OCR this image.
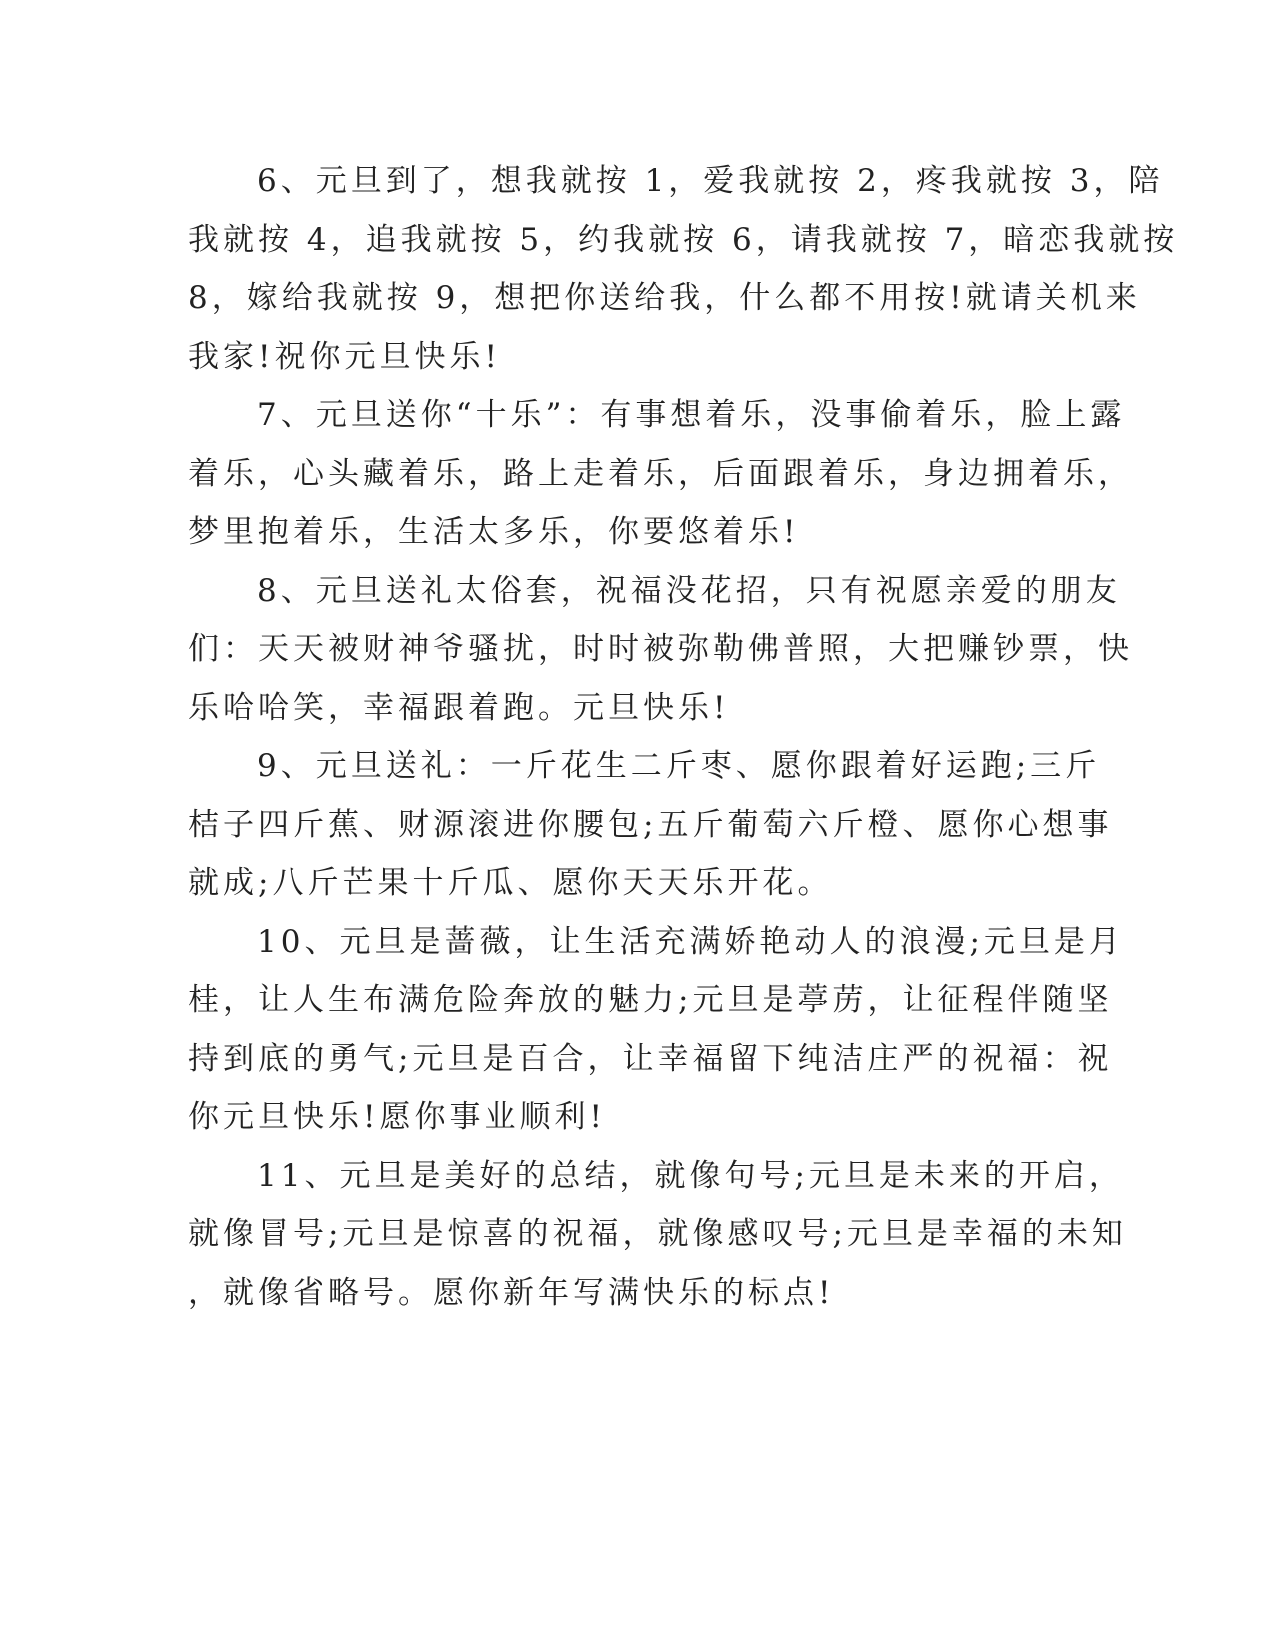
6、元旦到了，想我就按 1，爱我就按 2，疼我就按 3，陪
我就按 4，追我就按 5，约我就按 6，请我就按 7，暗恋我就按
8，嫁给我就按 9，想把你送给我，什么都不用按!就请关机来
我家!祝你元旦快乐!
7、元旦送你“十乐”：有事想着乐，没事偷着乐，脸上露
着乐，心头藏着乐，路上走着乐，后面跟着乐，身边拥着乐，
梦里抱着乐，生活太多乐，你要悠着乐!
8、元旦送礼太俗套，祝福没花招，只有祝愿亲爱的朋友
们：天天被财神爷骚扰，时时被弥勒佛普照，大把赚钞票，快
乐哈哈笑，幸福跟着跑。元旦快乐!
9、元旦送礼：一斤花生二斤枣、愿你跟着好运跑;三斤
桔子四斤蕉、财源滚进你腰包;五斤葡萄六斤橙、愿你心想事
就成;八斤芒果十斤瓜、愿你天天乐开花。
10、元旦是蔷薇，让生活充满娇艳动人的浪漫;元旦是月
桂，让人生布满危险奔放的魅力;元旦是葶苈，让征程伴随坚
持到底的勇气;元旦是百合，让幸福留下纯洁庄严的祝福：祝
你元旦快乐!愿你事业顺利!
11、元旦是美好的总结，就像句号;元旦是未来的开启，
就像冒号;元旦是惊喜的祝福，就像感叹号;元旦是幸福的未知
，就像省略号。愿你新年写满快乐的标点!
